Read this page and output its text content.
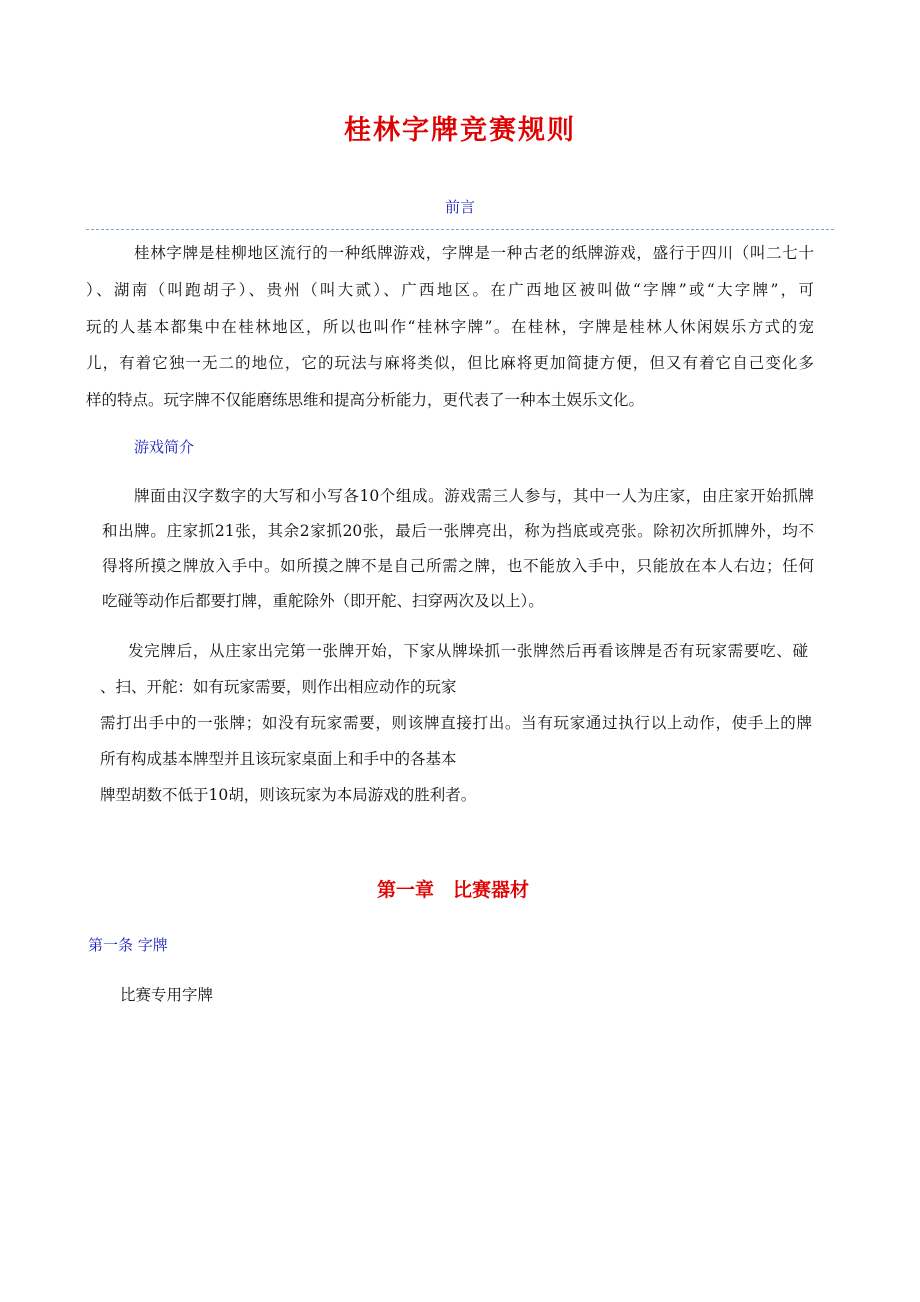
桂林字牌竞赛规则
前言
桂林字牌是桂柳地区流行的一种纸牌游戏，字牌是一种古老的纸牌游戏，盛行于四川（叫二七十
）、湖南（叫跑胡子）、贵州（叫大贰）、广西地区。在广西地区被叫做“字牌”或“大字牌”，可
玩的人基本都集中在桂林地区，所以也叫作“桂林字牌”。在桂林，字牌是桂林人休闲娱乐方式的宠
儿，有着它独一无二的地位，它的玩法与麻将类似，但比麻将更加简捷方便，但又有着它自己变化多
样的特点。玩字牌不仅能磨练思维和提高分析能力，更代表了一种本土娱乐文化。
游戏简介
牌面由汉字数字的大写和小写各10个组成。游戏需三人参与，其中一人为庄家，由庄家开始抓牌
和出牌。庄家抓21张，其余2家抓20张，最后一张牌亮出，称为挡底或亮张。除初次所抓牌外，均不
得将所摸之牌放入手中。如所摸之牌不是自己所需之牌，也不能放入手中，只能放在本人右边；任何
吃碰等动作后都要打牌，重舵除外（即开舵、扫穿两次及以上）。
发完牌后，从庄家出完第一张牌开始，下家从牌垛抓一张牌然后再看该牌是否有玩家需要吃、碰
、扫、开舵：如有玩家需要，则作出相应动作的玩家
需打出手中的一张牌；如没有玩家需要，则该牌直接打出。当有玩家通过执行以上动作，使手上的牌
所有构成基本牌型并且该玩家桌面上和手中的各基本
牌型胡数不低于10胡，则该玩家为本局游戏的胜利者。
第一章　比赛器材
第一条 字牌
比赛专用字牌
